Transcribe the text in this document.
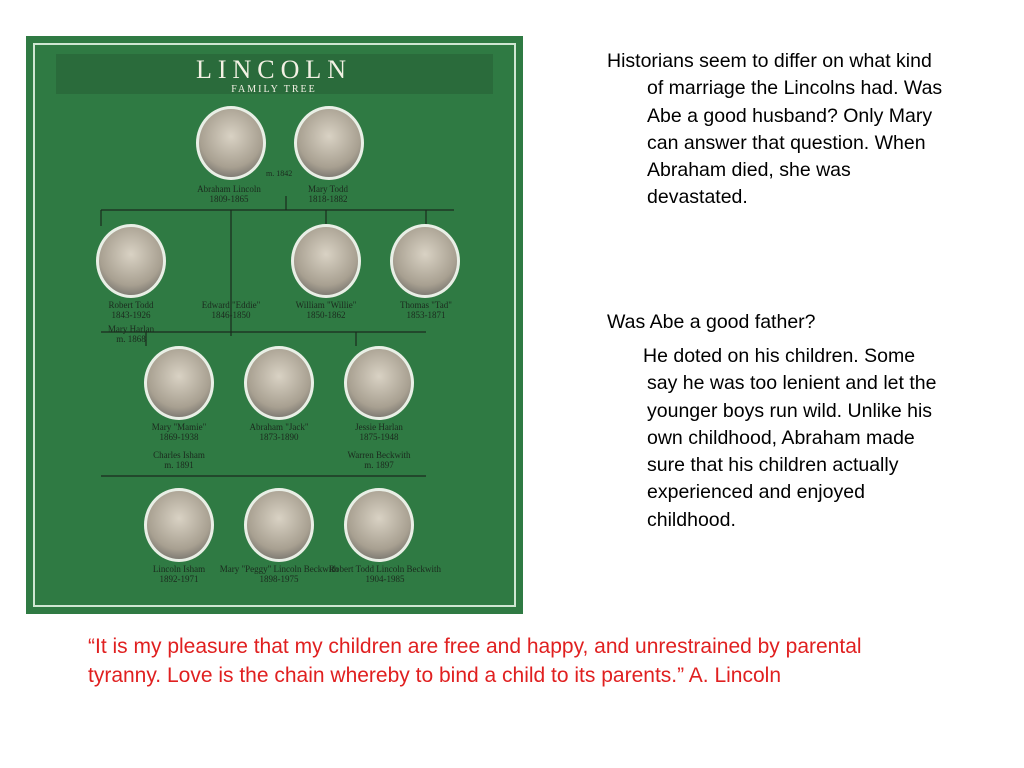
LINCOLN
FAMILY TREE
m. 1842
Abraham Lincoln
1809-1865
Mary Todd
1818-1882
Robert Todd
1843-1926
Edward "Eddie"
1846-1850
William "Willie"
1850-1862
Thomas "Tad"
1853-1871
Mary Harlan
m. 1868
Mary "Mamie"
1869-1938
Abraham "Jack"
1873-1890
Jessie Harlan
1875-1948
Charles Isham
m. 1891
Warren Beckwith
m. 1897
Lincoln Isham
1892-1971
Mary "Peggy" Lincoln Beckwith
1898-1975
Robert Todd Lincoln Beckwith
1904-1985

Historians seem to differ on what kind of marriage the Lincolns had. Was Abe a good husband? Only Mary can answer that question. When Abraham died, she was devastated.

Was Abe a good father?

He doted on his children. Some say he was too lenient and let the younger boys run wild. Unlike his own childhood, Abraham made sure that his children actually experienced and enjoyed childhood.

“It is my pleasure that my children are free and happy, and unrestrained by parental tyranny. Love is the chain whereby to bind a child to its parents.” A. Lincoln
